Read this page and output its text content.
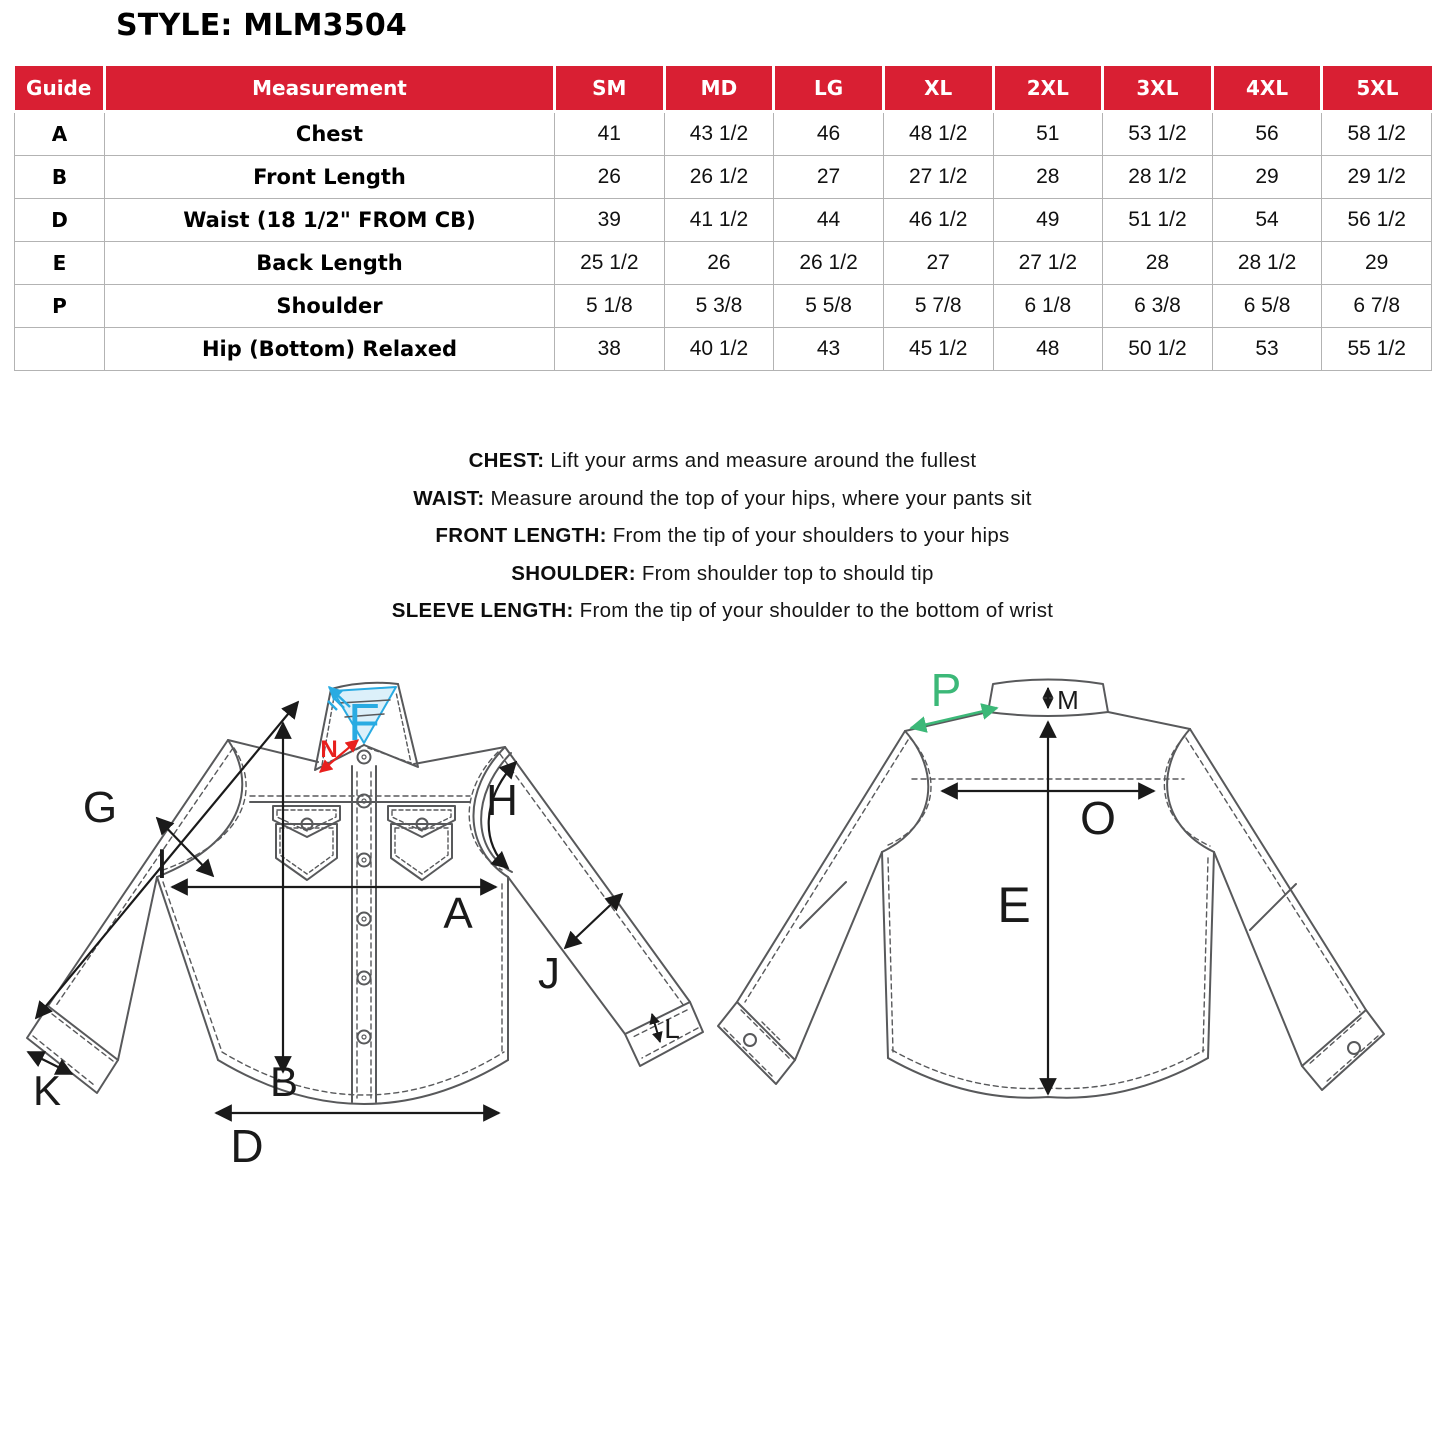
STYLE: MLM3504
Guide	Measurement	SM	MD	LG	XL	2XL	3XL	4XL	5XL
A	Chest	41	43 1/2	46	48 1/2	51	53 1/2	56	58 1/2
B	Front Length	26	26 1/2	27	27 1/2	28	28 1/2	29	29 1/2
D	Waist (18 1/2" FROM CB)	39	41 1/2	44	46 1/2	49	51 1/2	54	56 1/2
E	Back Length	25 1/2	26	26 1/2	27	27 1/2	28	28 1/2	29
P	Shoulder	5 1/8	5 3/8	5 5/8	5 7/8	6 1/8	6 3/8	6 5/8	6 7/8
	Hip (Bottom) Relaxed	38	40 1/2	43	45 1/2	48	50 1/2	53	55 1/2
CHEST: Lift your arms and measure around the fullest
WAIST: Measure around the top of your hips, where your pants sit
FRONT LENGTH: From the tip of your shoulders to your hips
SHOULDER: From shoulder top to should tip
SLEEVE LENGTH: From the tip of your shoulder to the bottom of wrist
G
I
F
N
H
A
B
J
K
L
D
P	M
O
E
